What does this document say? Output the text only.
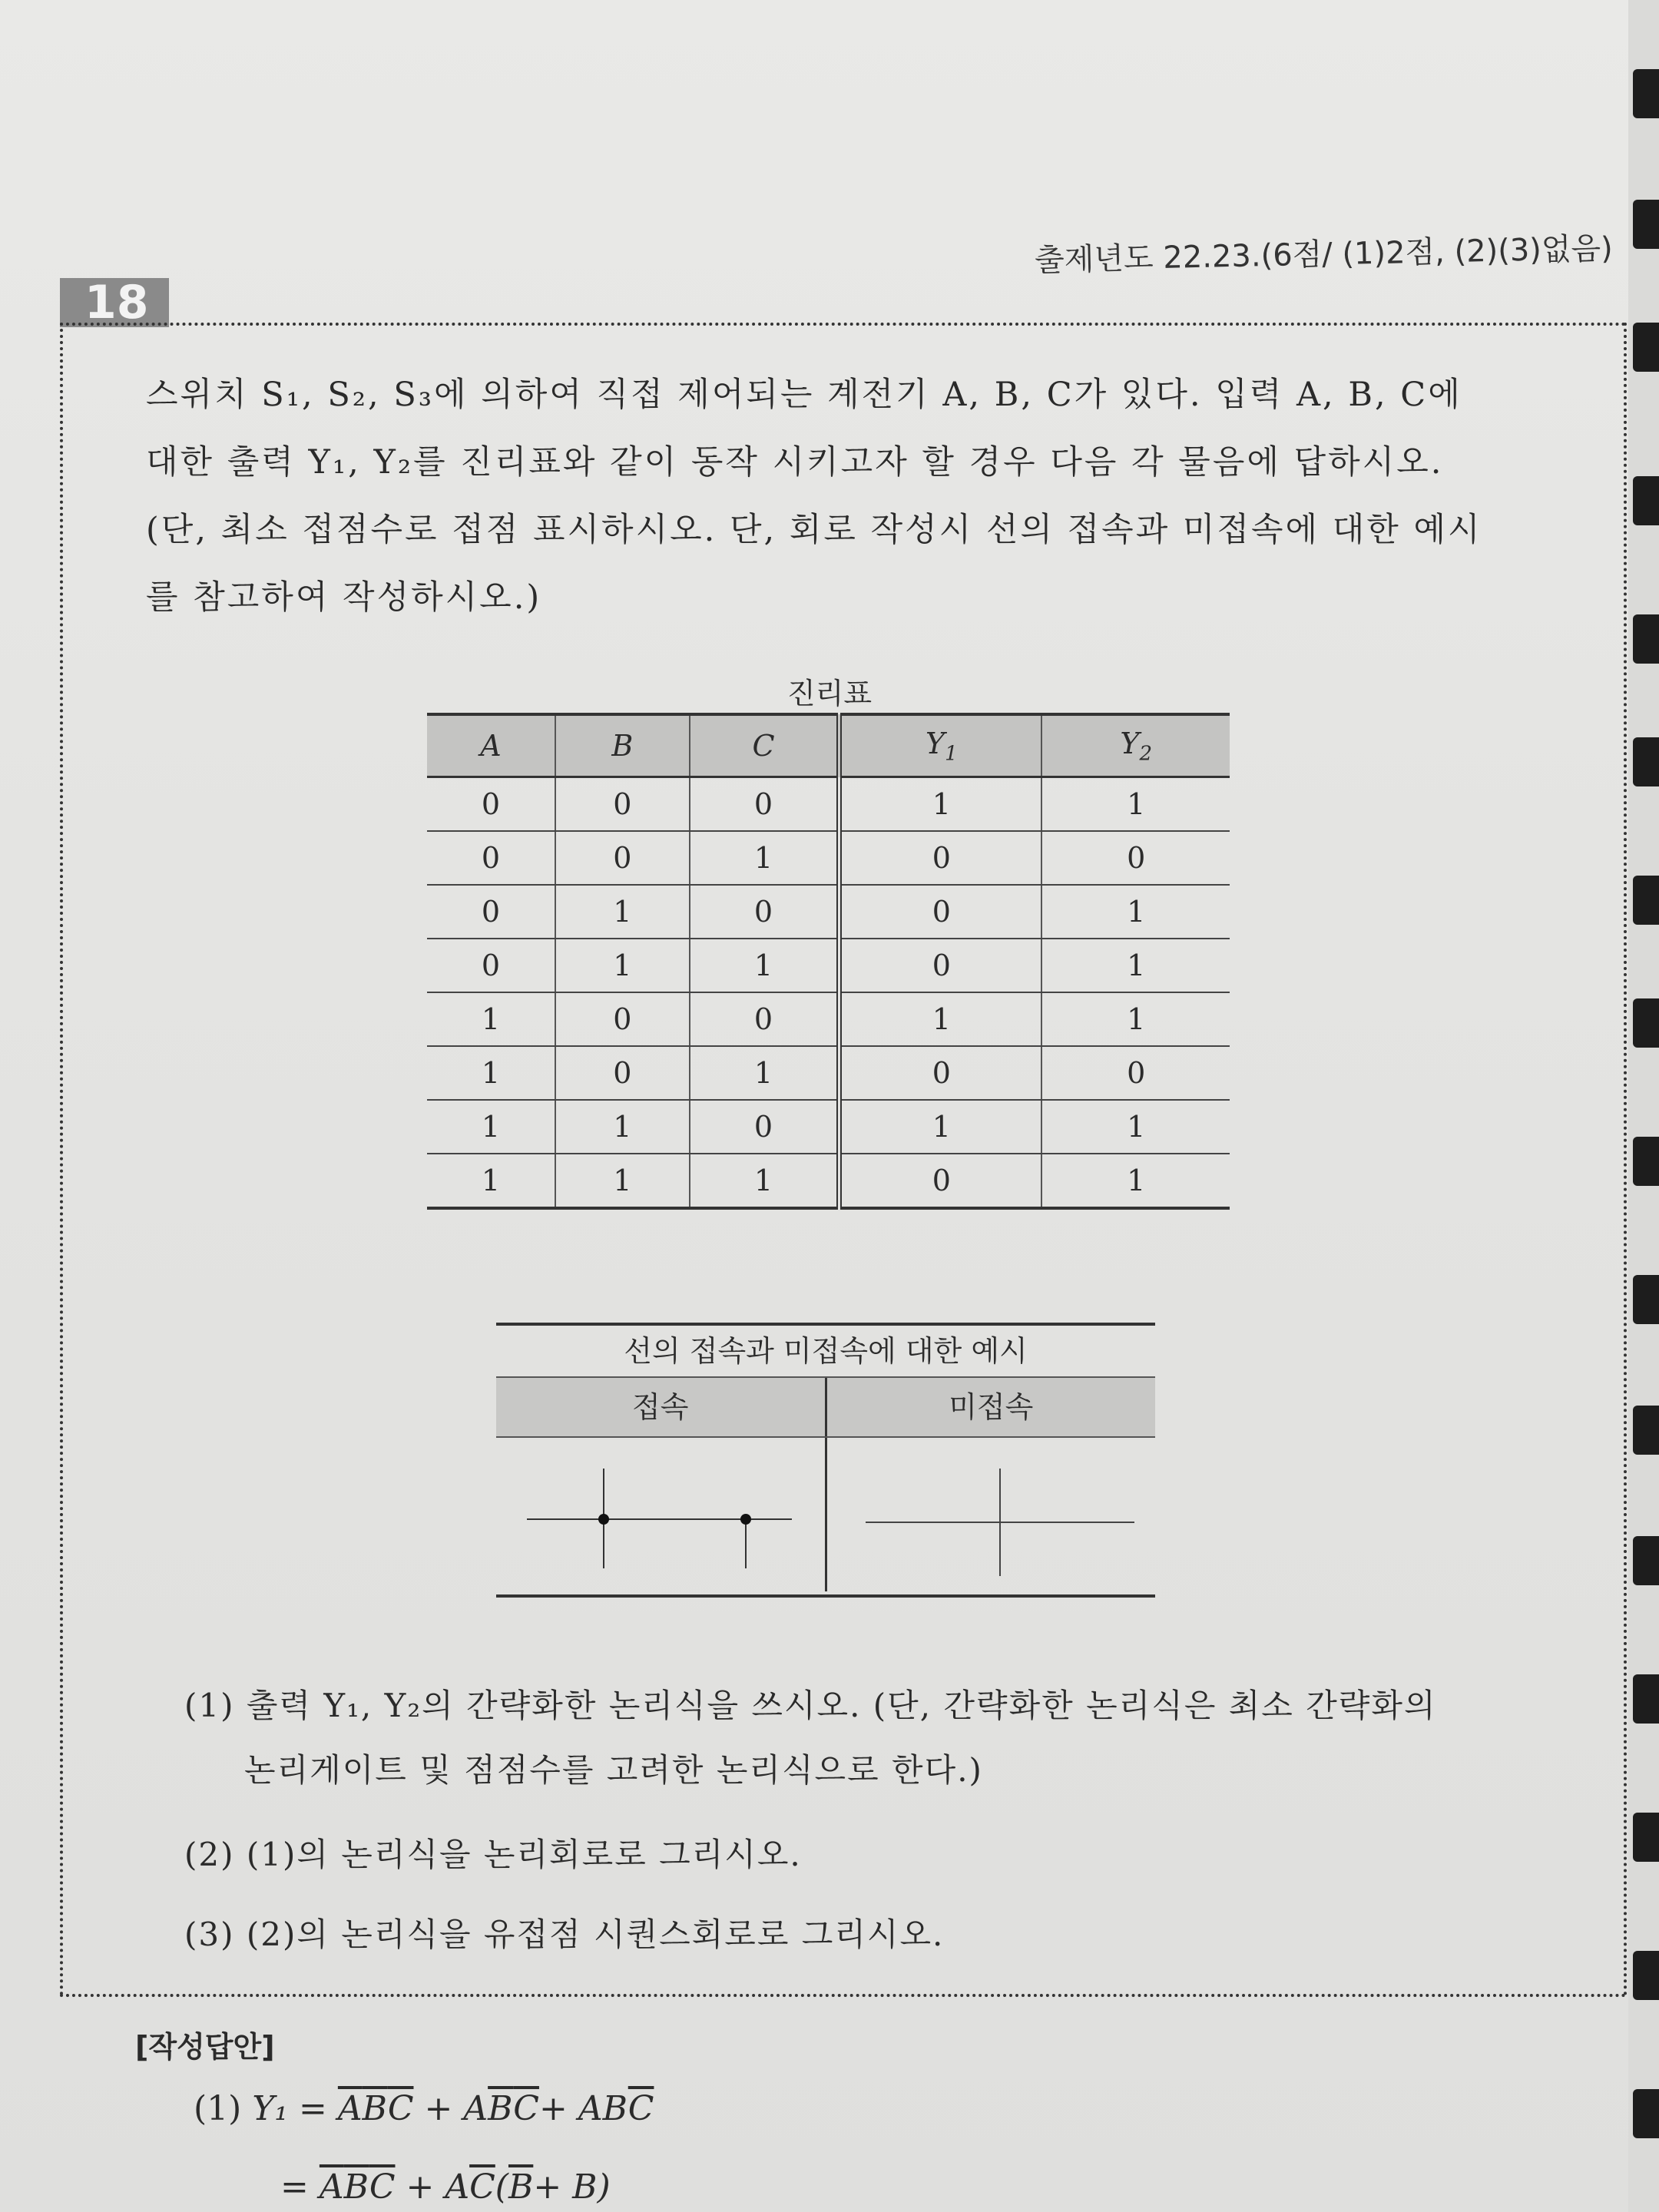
출제년도 22.23.(6점/ (1)2점, (2)(3)없음)
18
스위치 S₁, S₂, S₃에 의하여 직접 제어되는 계전기 A, B, C가 있다. 입력 A, B, C에
대한 출력 Y₁, Y₂를 진리표와 같이 동작 시키고자 할 경우 다음 각 물음에 답하시오.
(단, 최소 접점수로 접점 표시하시오. 단, 회로 작성시 선의 접속과 미접속에 대한 예시
를 참고하여 작성하시오.)
진리표
A	B	C	$Y_1$	$Y_2$
0	0	0	1	1
0	0	1	0	0
0	1	0	0	1
0	1	1	0	1
1	0	0	1	1
1	0	1	0	0
1	1	0	1	1
1	1	1	0	1
선의 접속과 미접속에 대한 예시
접속	미접속
(1) 출력 Y₁, Y₂의 간략화한 논리식을 쓰시오. (단, 간략화한 논리식은 최소 간략화의
논리게이트 및 점점수를 고려한 논리식으로 한다.)
(2) (1)의 논리식을 논리회로로 그리시오.
(3) (2)의 논리식을 유접점 시퀀스회로로 그리시오.
[작성답안]
(1) $Y_1 = \overline{A}\overline{B}\overline{C} + A\overline{B}\overline{C}+ AB\overline{C}$
= $\overline{A}\overline{B}\overline{C} + A\overline{C}(\overline{B}+ B)$
